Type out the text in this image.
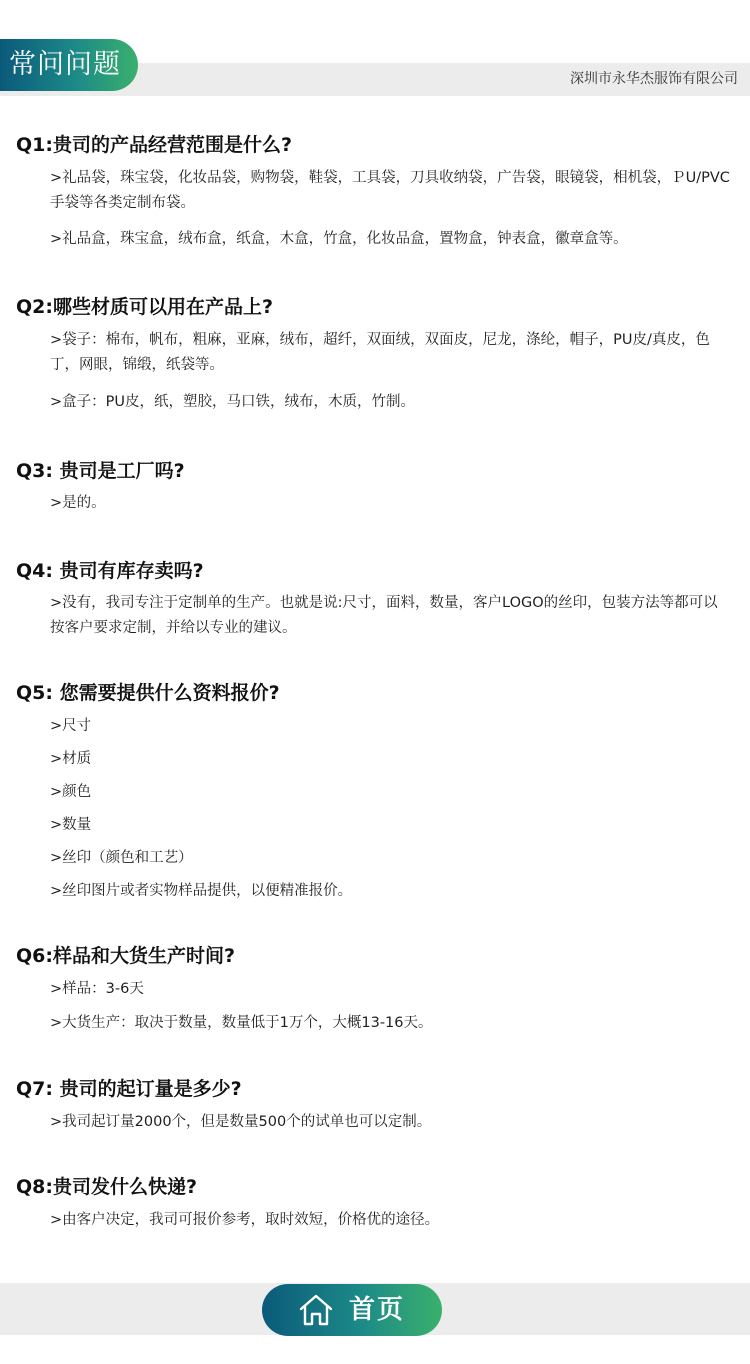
常问问题	深圳市永华杰服饰有限公司
Q1:贵司的产品经营范围是什么?
>礼品袋，珠宝袋，化妆品袋，购物袋，鞋袋，工具袋，刀具收纳袋，广告袋，眼镜袋，相机袋，ＰU/PVC手袋等各类定制布袋。
>礼品盒，珠宝盒，绒布盒，纸盒，木盒，竹盒，化妆品盒，置物盒，钟表盒，徽章盒等。
Q2:哪些材质可以用在产品上?
>袋子：棉布，帆布，粗麻，亚麻，绒布，超纤，双面绒，双面皮，尼龙，涤纶，帽子，PU皮/真皮，色丁，网眼，锦缎，纸袋等。
>盒子：PU皮，纸，塑胶，马口铁，绒布，木质，竹制。
Q3: 贵司是工厂吗?
>是的。
Q4: 贵司有库存卖吗?
>没有，我司专注于定制单的生产。也就是说:尺寸，面料，数量，客户LOGO的丝印，包装方法等都可以按客户要求定制，并给以专业的建议。
Q5: 您需要提供什么资料报价?
>尺寸
>材质
>颜色
>数量
>丝印（颜色和工艺）
>丝印图片或者实物样品提供，以便精准报价。
Q6:样品和大货生产时间?
>样品：3-6天
>大货生产：取决于数量，数量低于1万个，大概13-16天。
Q7: 贵司的起订量是多少?
>我司起订量2000个，但是数量500个的试单也可以定制。
Q8:贵司发什么快递?
>由客户决定，我司可报价参考，取时效短，价格优的途径。
首页
